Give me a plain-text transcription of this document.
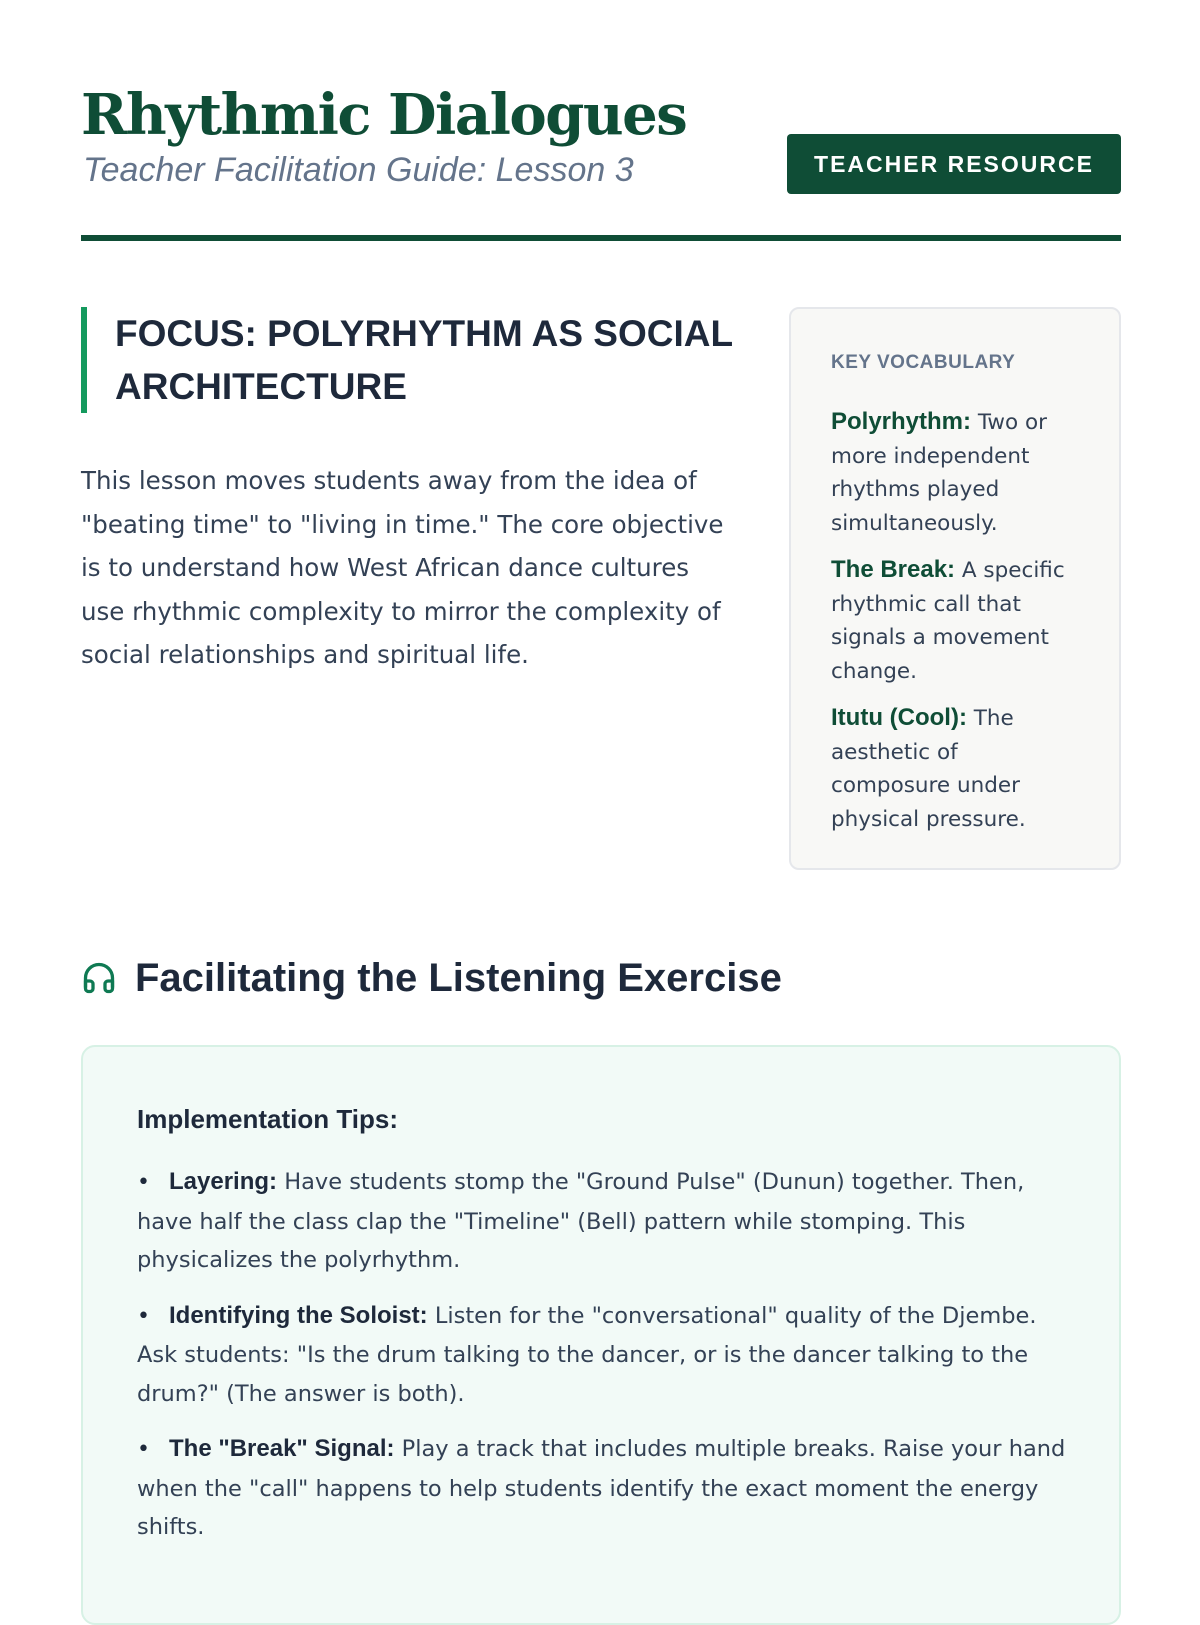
Rhythmic Dialogues
Teacher Facilitation Guide: Lesson 3	TEACHER RESOURCE
FOCUS: POLYRHYTHM AS SOCIAL ARCHITECTURE

This lesson moves students away from the idea of "beating time" to "living in time." The core objective is to understand how West African dance cultures use rhythmic complexity to mirror the complexity of social relationships and spiritual life.

KEY VOCABULARY
Polyrhythm: Two or more independent rhythms played simultaneously.
The Break: A specific rhythmic call that signals a movement change.
Itutu (Cool): The aesthetic of composure under physical pressure.
Facilitating the Listening Exercise
Implementation Tips:
• Layering: Have students stomp the "Ground Pulse" (Dunun) together. Then, have half the class clap the "Timeline" (Bell) pattern while stomping. This physicalizes the polyrhythm.
• Identifying the Soloist: Listen for the "conversational" quality of the Djembe. Ask students: "Is the drum talking to the dancer, or is the dancer talking to the drum?" (The answer is both).
• The "Break" Signal: Play a track that includes multiple breaks. Raise your hand when the "call" happens to help students identify the exact moment the energy shifts.
